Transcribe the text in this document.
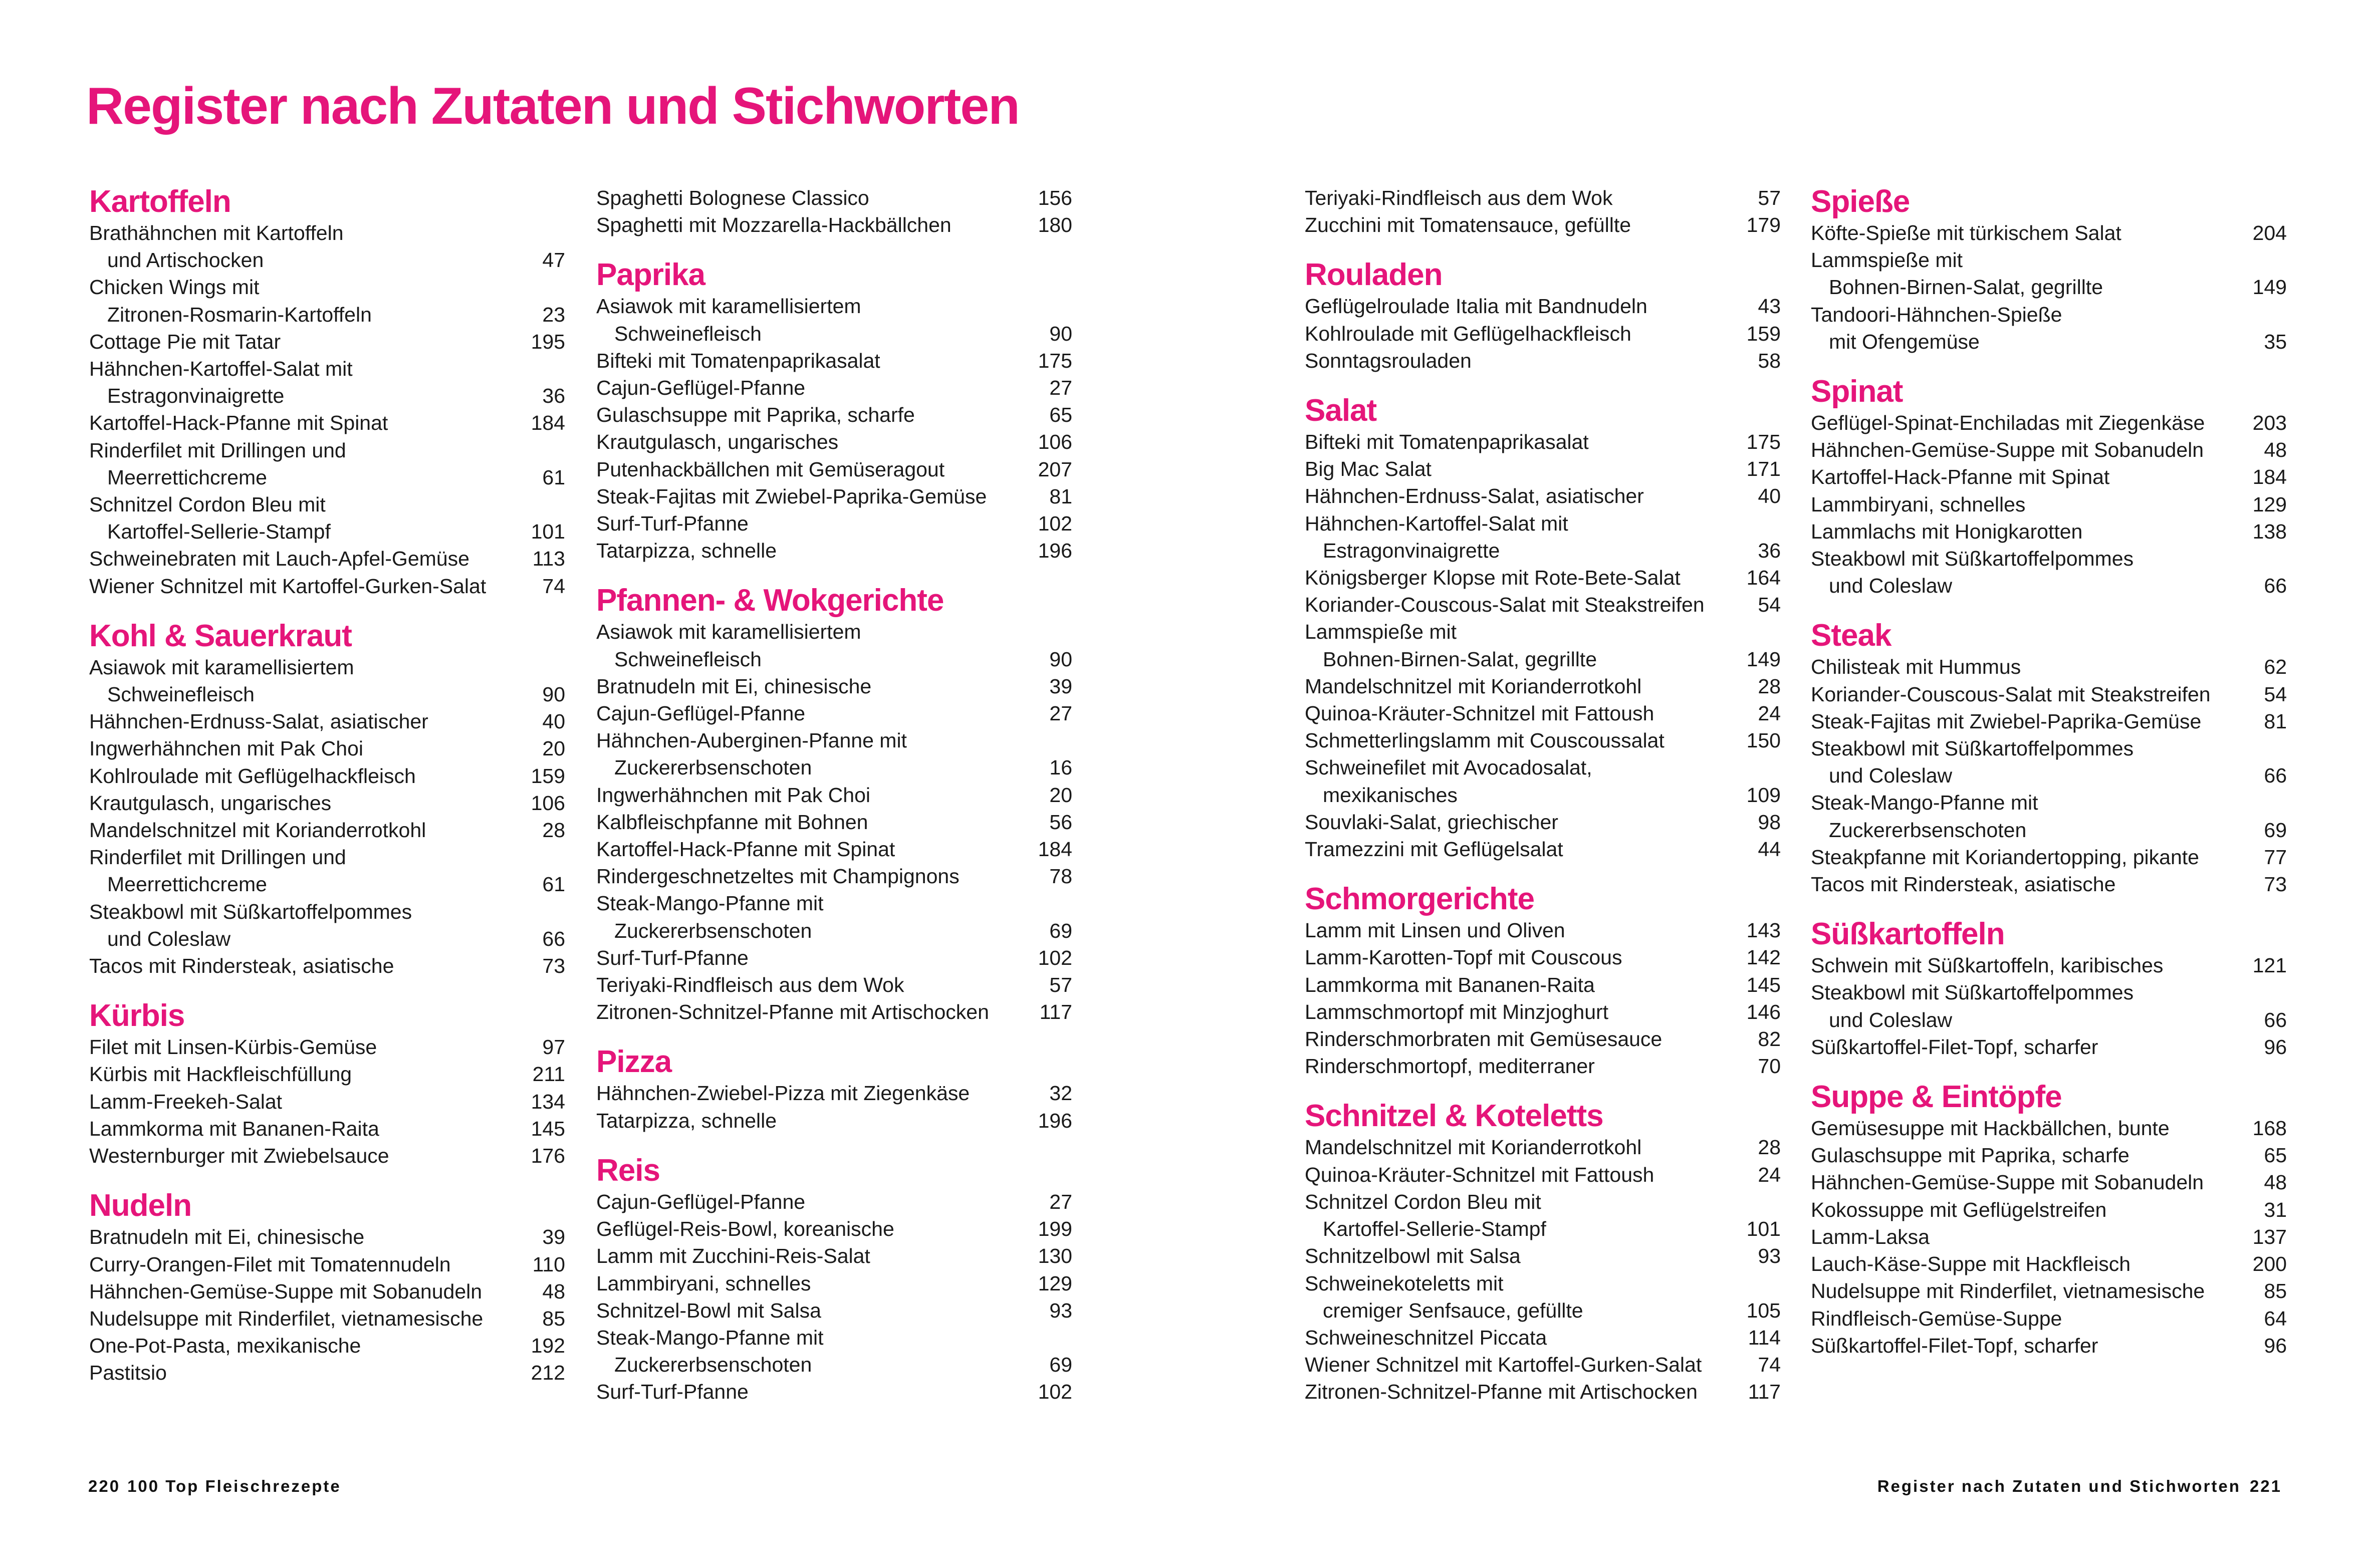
Register nach Zutaten und Stichworten
Kartoffeln
Brathähnchen mit Kartoffeln
und Artischocken	47
Chicken Wings mit
Zitronen-Rosmarin-Kartoffeln	23
Cottage Pie mit Tatar	195
Hähnchen-Kartoffel-Salat mit
Estragonvinaigrette	36
Kartoffel-Hack-Pfanne mit Spinat	184
Rinderfilet mit Drillingen und
Meerrettichcreme	61
Schnitzel Cordon Bleu mit
Kartoffel-Sellerie-Stampf	101
Schweinebraten mit Lauch-Apfel-Gemüse	113
Wiener Schnitzel mit Kartoffel-Gurken-Salat	74
Kohl & Sauerkraut
Asiawok mit karamellisiertem
Schweinefleisch	90
Hähnchen-Erdnuss-Salat, asiatischer	40
Ingwerhähnchen mit Pak Choi	20
Kohlroulade mit Geflügelhackfleisch	159
Krautgulasch, ungarisches	106
Mandelschnitzel mit Korianderrotkohl	28
Rinderfilet mit Drillingen und
Meerrettichcreme	61
Steakbowl mit Süßkartoffelpommes
und Coleslaw	66
Tacos mit Rindersteak, asiatische	73
Kürbis
Filet mit Linsen-Kürbis-Gemüse	97
Kürbis mit Hackfleischfüllung	211
Lamm-Freekeh-Salat	134
Lammkorma mit Bananen-Raita	145
Westernburger mit Zwiebelsauce	176
Nudeln
Bratnudeln mit Ei, chinesische	39
Curry-Orangen-Filet mit Tomatennudeln	110
Hähnchen-Gemüse-Suppe mit Sobanudeln	48
Nudelsuppe mit Rinderfilet, vietnamesische	85
One-Pot-Pasta, mexikanische	192
Pastitsio	212
Spaghetti Bolognese Classico	156
Spaghetti mit Mozzarella-Hackbällchen	180
Paprika
Asiawok mit karamellisiertem
Schweinefleisch	90
Bifteki mit Tomatenpaprikasalat	175
Cajun-Geflügel-Pfanne	27
Gulaschsuppe mit Paprika, scharfe	65
Krautgulasch, ungarisches	106
Putenhackbällchen mit Gemüseragout	207
Steak-Fajitas mit Zwiebel-Paprika-Gemüse	81
Surf-Turf-Pfanne	102
Tatarpizza, schnelle	196
Pfannen- & Wokgerichte
Asiawok mit karamellisiertem
Schweinefleisch	90
Bratnudeln mit Ei, chinesische	39
Cajun-Geflügel-Pfanne	27
Hähnchen-Auberginen-Pfanne mit
Zuckererbsenschoten	16
Ingwerhähnchen mit Pak Choi	20
Kalbfleischpfanne mit Bohnen	56
Kartoffel-Hack-Pfanne mit Spinat	184
Rindergeschnetzeltes mit Champignons	78
Steak-Mango-Pfanne mit
Zuckererbsenschoten	69
Surf-Turf-Pfanne	102
Teriyaki-Rindfleisch aus dem Wok	57
Zitronen-Schnitzel-Pfanne mit Artischocken	117
Pizza
Hähnchen-Zwiebel-Pizza mit Ziegenkäse	32
Tatarpizza, schnelle	196
Reis
Cajun-Geflügel-Pfanne	27
Geflügel-Reis-Bowl, koreanische	199
Lamm mit Zucchini-Reis-Salat	130
Lammbiryani, schnelles	129
Schnitzel-Bowl mit Salsa	93
Steak-Mango-Pfanne mit
Zuckererbsenschoten	69
Surf-Turf-Pfanne	102
Teriyaki-Rindfleisch aus dem Wok	57
Zucchini mit Tomatensauce, gefüllte	179
Rouladen
Geflügelroulade Italia mit Bandnudeln	43
Kohlroulade mit Geflügelhackfleisch	159
Sonntagsrouladen	58
Salat
Bifteki mit Tomatenpaprikasalat	175
Big Mac Salat	171
Hähnchen-Erdnuss-Salat, asiatischer	40
Hähnchen-Kartoffel-Salat mit
Estragonvinaigrette	36
Königsberger Klopse mit Rote-Bete-Salat	164
Koriander-Couscous-Salat mit Steakstreifen	54
Lammspieße mit
Bohnen-Birnen-Salat, gegrillte	149
Mandelschnitzel mit Korianderrotkohl	28
Quinoa-Kräuter-Schnitzel mit Fattoush	24
Schmetterlingslamm mit Couscoussalat	150
Schweinefilet mit Avocadosalat,
mexikanisches	109
Souvlaki-Salat, griechischer	98
Tramezzini mit Geflügelsalat	44
Schmorgerichte
Lamm mit Linsen und Oliven	143
Lamm-Karotten-Topf mit Couscous	142
Lammkorma mit Bananen-Raita	145
Lammschmortopf mit Minzjoghurt	146
Rinderschmorbraten mit Gemüsesauce	82
Rinderschmortopf, mediterraner	70
Schnitzel & Koteletts
Mandelschnitzel mit Korianderrotkohl	28
Quinoa-Kräuter-Schnitzel mit Fattoush	24
Schnitzel Cordon Bleu mit
Kartoffel-Sellerie-Stampf	101
Schnitzelbowl mit Salsa	93
Schweinekoteletts mit
cremiger Senfsauce, gefüllte	105
Schweineschnitzel Piccata	114
Wiener Schnitzel mit Kartoffel-Gurken-Salat	74
Zitronen-Schnitzel-Pfanne mit Artischocken	117
Spieße
Köfte-Spieße mit türkischem Salat	204
Lammspieße mit
Bohnen-Birnen-Salat, gegrillte	149
Tandoori-Hähnchen-Spieße
mit Ofengemüse	35
Spinat
Geflügel-Spinat-Enchiladas mit Ziegenkäse	203
Hähnchen-Gemüse-Suppe mit Sobanudeln	48
Kartoffel-Hack-Pfanne mit Spinat	184
Lammbiryani, schnelles	129
Lammlachs mit Honigkarotten	138
Steakbowl mit Süßkartoffelpommes
und Coleslaw	66
Steak
Chilisteak mit Hummus	62
Koriander-Couscous-Salat mit Steakstreifen	54
Steak-Fajitas mit Zwiebel-Paprika-Gemüse	81
Steakbowl mit Süßkartoffelpommes
und Coleslaw	66
Steak-Mango-Pfanne mit
Zuckererbsenschoten	69
Steakpfanne mit Koriandertopping, pikante	77
Tacos mit Rindersteak, asiatische	73
Süßkartoffeln
Schwein mit Süßkartoffeln, karibisches	121
Steakbowl mit Süßkartoffelpommes
und Coleslaw	66
Süßkartoffel-Filet-Topf, scharfer	96
Suppe & Eintöpfe
Gemüsesuppe mit Hackbällchen, bunte	168
Gulaschsuppe mit Paprika, scharfe	65
Hähnchen-Gemüse-Suppe mit Sobanudeln	48
Kokossuppe mit Geflügelstreifen	31
Lamm-Laksa	137
Lauch-Käse-Suppe mit Hackfleisch	200
Nudelsuppe mit Rinderfilet, vietnamesische	85
Rindfleisch-Gemüse-Suppe	64
Süßkartoffel-Filet-Topf, scharfer	96
220 100 Top Fleischrezepte	Register nach Zutaten und Stichworten 221
